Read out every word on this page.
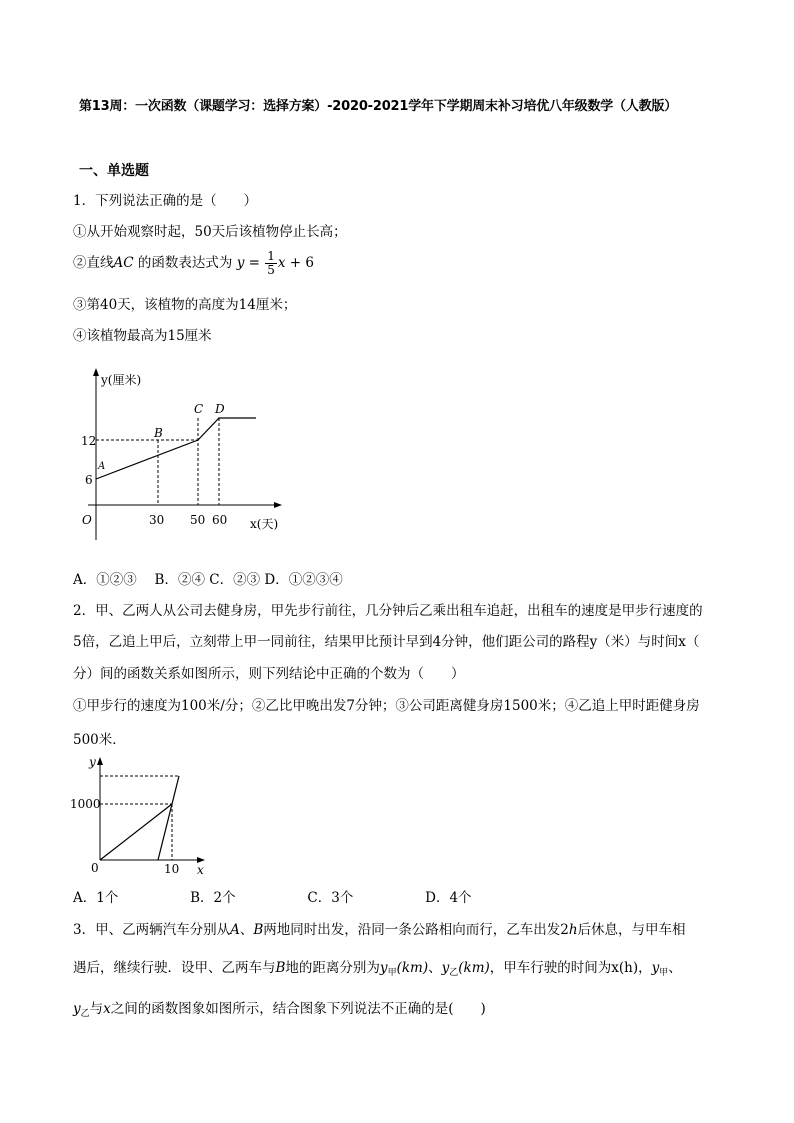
第13周：一次函数（课题学习：选择方案）-2020-2021学年下学期周末补习培优八年级数学（人教版）
一、单选题
1．下列说法正确的是（　　）
①从开始观察时起，50天后该植物停止长高；
②直线AC 的函数表达式为 $y = \frac{1}{5}$ x + 6
③第40天，该植物的高度为14厘米；
④该植物最高为15厘米
y(厘米)
x(天)
O
12
6
30 50 60
A
B
C D
A．①②③　 B．②④ C．②③ D．①②③④
2．甲、乙两人从公司去健身房，甲先步行前往，几分钟后乙乘出租车追赶，出租车的速度是甲步行速度的
5倍，乙追上甲后，立刻带上甲一同前往，结果甲比预计早到4分钟，他们距公司的路程y（米）与时间x（
分）间的函数关系如图所示，则下列结论中正确的个数为（　　）
①甲步行的速度为100米/分；②乙比甲晚出发7分钟；③公司距离健身房1500米；④乙追上甲时距健身房
500米．
y
x
0
1000
10
A．1个　　　　　 B．2个　　　　　 C．3个　　　　　 D．4个
3．甲、乙两辆汽车分别从A、B两地同时出发，沿同一条公路相向而行，乙车出发2h后休息，与甲车相
遇后，继续行驶．设甲、乙两车与B地的距离分别为$y_甲(km)$、$y_乙(km)$，甲车行驶的时间为x(h)，$y_甲$、
$y_乙$与x之间的函数图象如图所示，结合图象下列说法不正确的是(　　)
